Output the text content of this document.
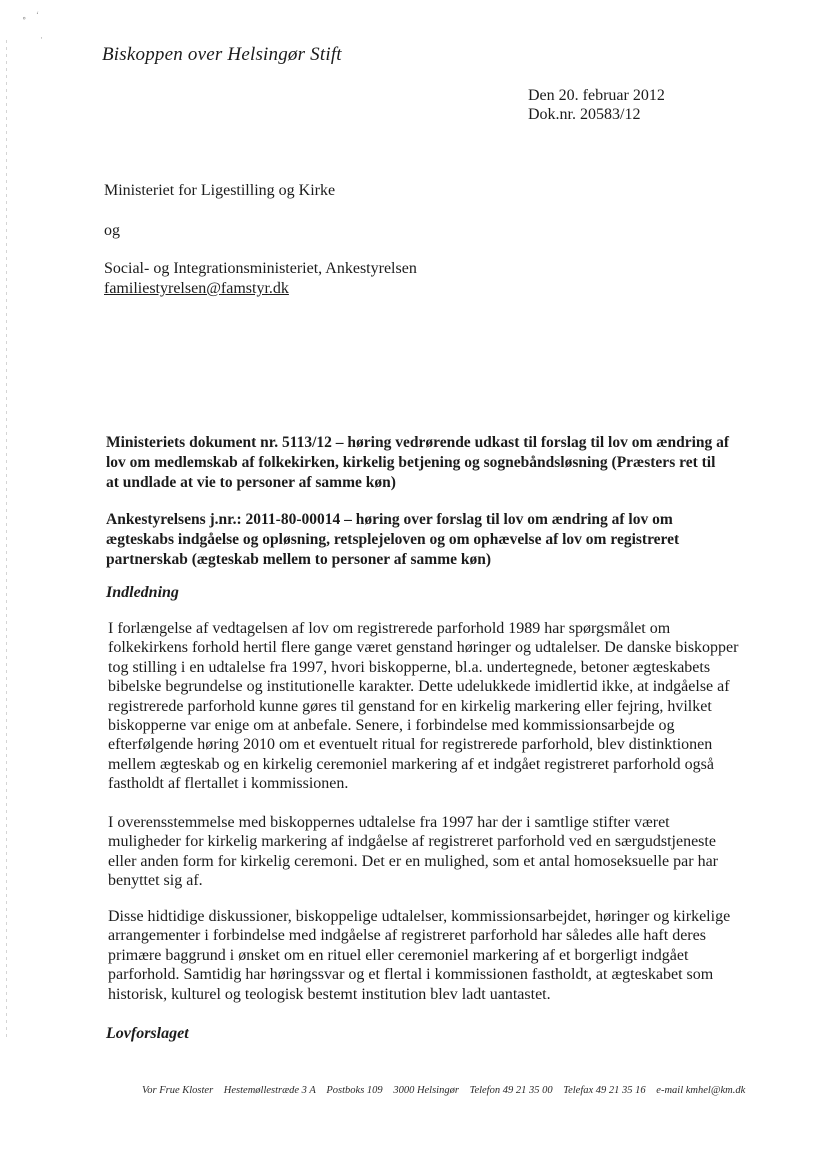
∘ ‘
·
Biskoppen over Helsingør Stift
Den 20. februar 2012
Dok.nr. 20583/12
Ministeriet for Ligestilling og Kirke
og
Social- og Integrationsministeriet, Ankestyrelsen
familiestyrelsen@famstyr.dk

Ministeriets dokument nr. 5113/12 – høring vedrørende udkast til forslag til lov om ændring af lov om medlemskab af folkekirken, kirkelig betjening og sognebåndsløsning (Præsters ret til at undlade at vie to personer af samme køn)

Ankestyrelsens j.nr.: 2011-80-00014 – høring over forslag til lov om ændring af lov om ægteskabs indgåelse og opløsning, retsplejeloven og om ophævelse af lov om registreret partnerskab (ægteskab mellem to personer af samme køn)

Indledning

I forlængelse af vedtagelsen af lov om registrerede parforhold 1989 har spørgsmålet om folkekirkens forhold hertil flere gange været genstand høringer og udtalelser. De danske biskopper tog stilling i en udtalelse fra 1997, hvori biskopperne, bl.a. undertegnede, betoner ægteskabets bibelske begrundelse og institutionelle karakter. Dette udelukkede imidlertid ikke, at indgåelse af registrerede parforhold kunne gøres til genstand for en kirkelig markering eller fejring, hvilket biskopperne var enige om at anbefale. Senere, i forbindelse med kommissionsarbejde og efterfølgende høring 2010 om et eventuelt ritual for registrerede parforhold, blev distinktionen mellem ægteskab og en kirkelig ceremoniel markering af et indgået registreret parforhold også fastholdt af flertallet i kommissionen.

I overensstemmelse med biskoppernes udtalelse fra 1997 har der i samtlige stifter været muligheder for kirkelig markering af indgåelse af registreret parforhold ved en særgudstjeneste eller anden form for kirkelig ceremoni. Det er en mulighed, som et antal homoseksuelle par har benyttet sig af.

Disse hidtidige diskussioner, biskoppelige udtalelser, kommissionsarbejdet, høringer og kirkelige arrangementer i forbindelse med indgåelse af registreret parforhold har således alle haft deres primære baggrund i ønsket om en rituel eller ceremoniel markering af et borgerligt indgået parforhold. Samtidig har høringssvar og et flertal i kommissionen fastholdt, at ægteskabet som historisk, kulturel og teologisk bestemt institution blev ladt uantastet.

Lovforslaget
Vor Frue Kloster Hestemøllestræde 3 A Postboks 109 3000 Helsingør Telefon 49 21 35 00 Telefax 49 21 35 16 e-mail kmhel@km.dk
